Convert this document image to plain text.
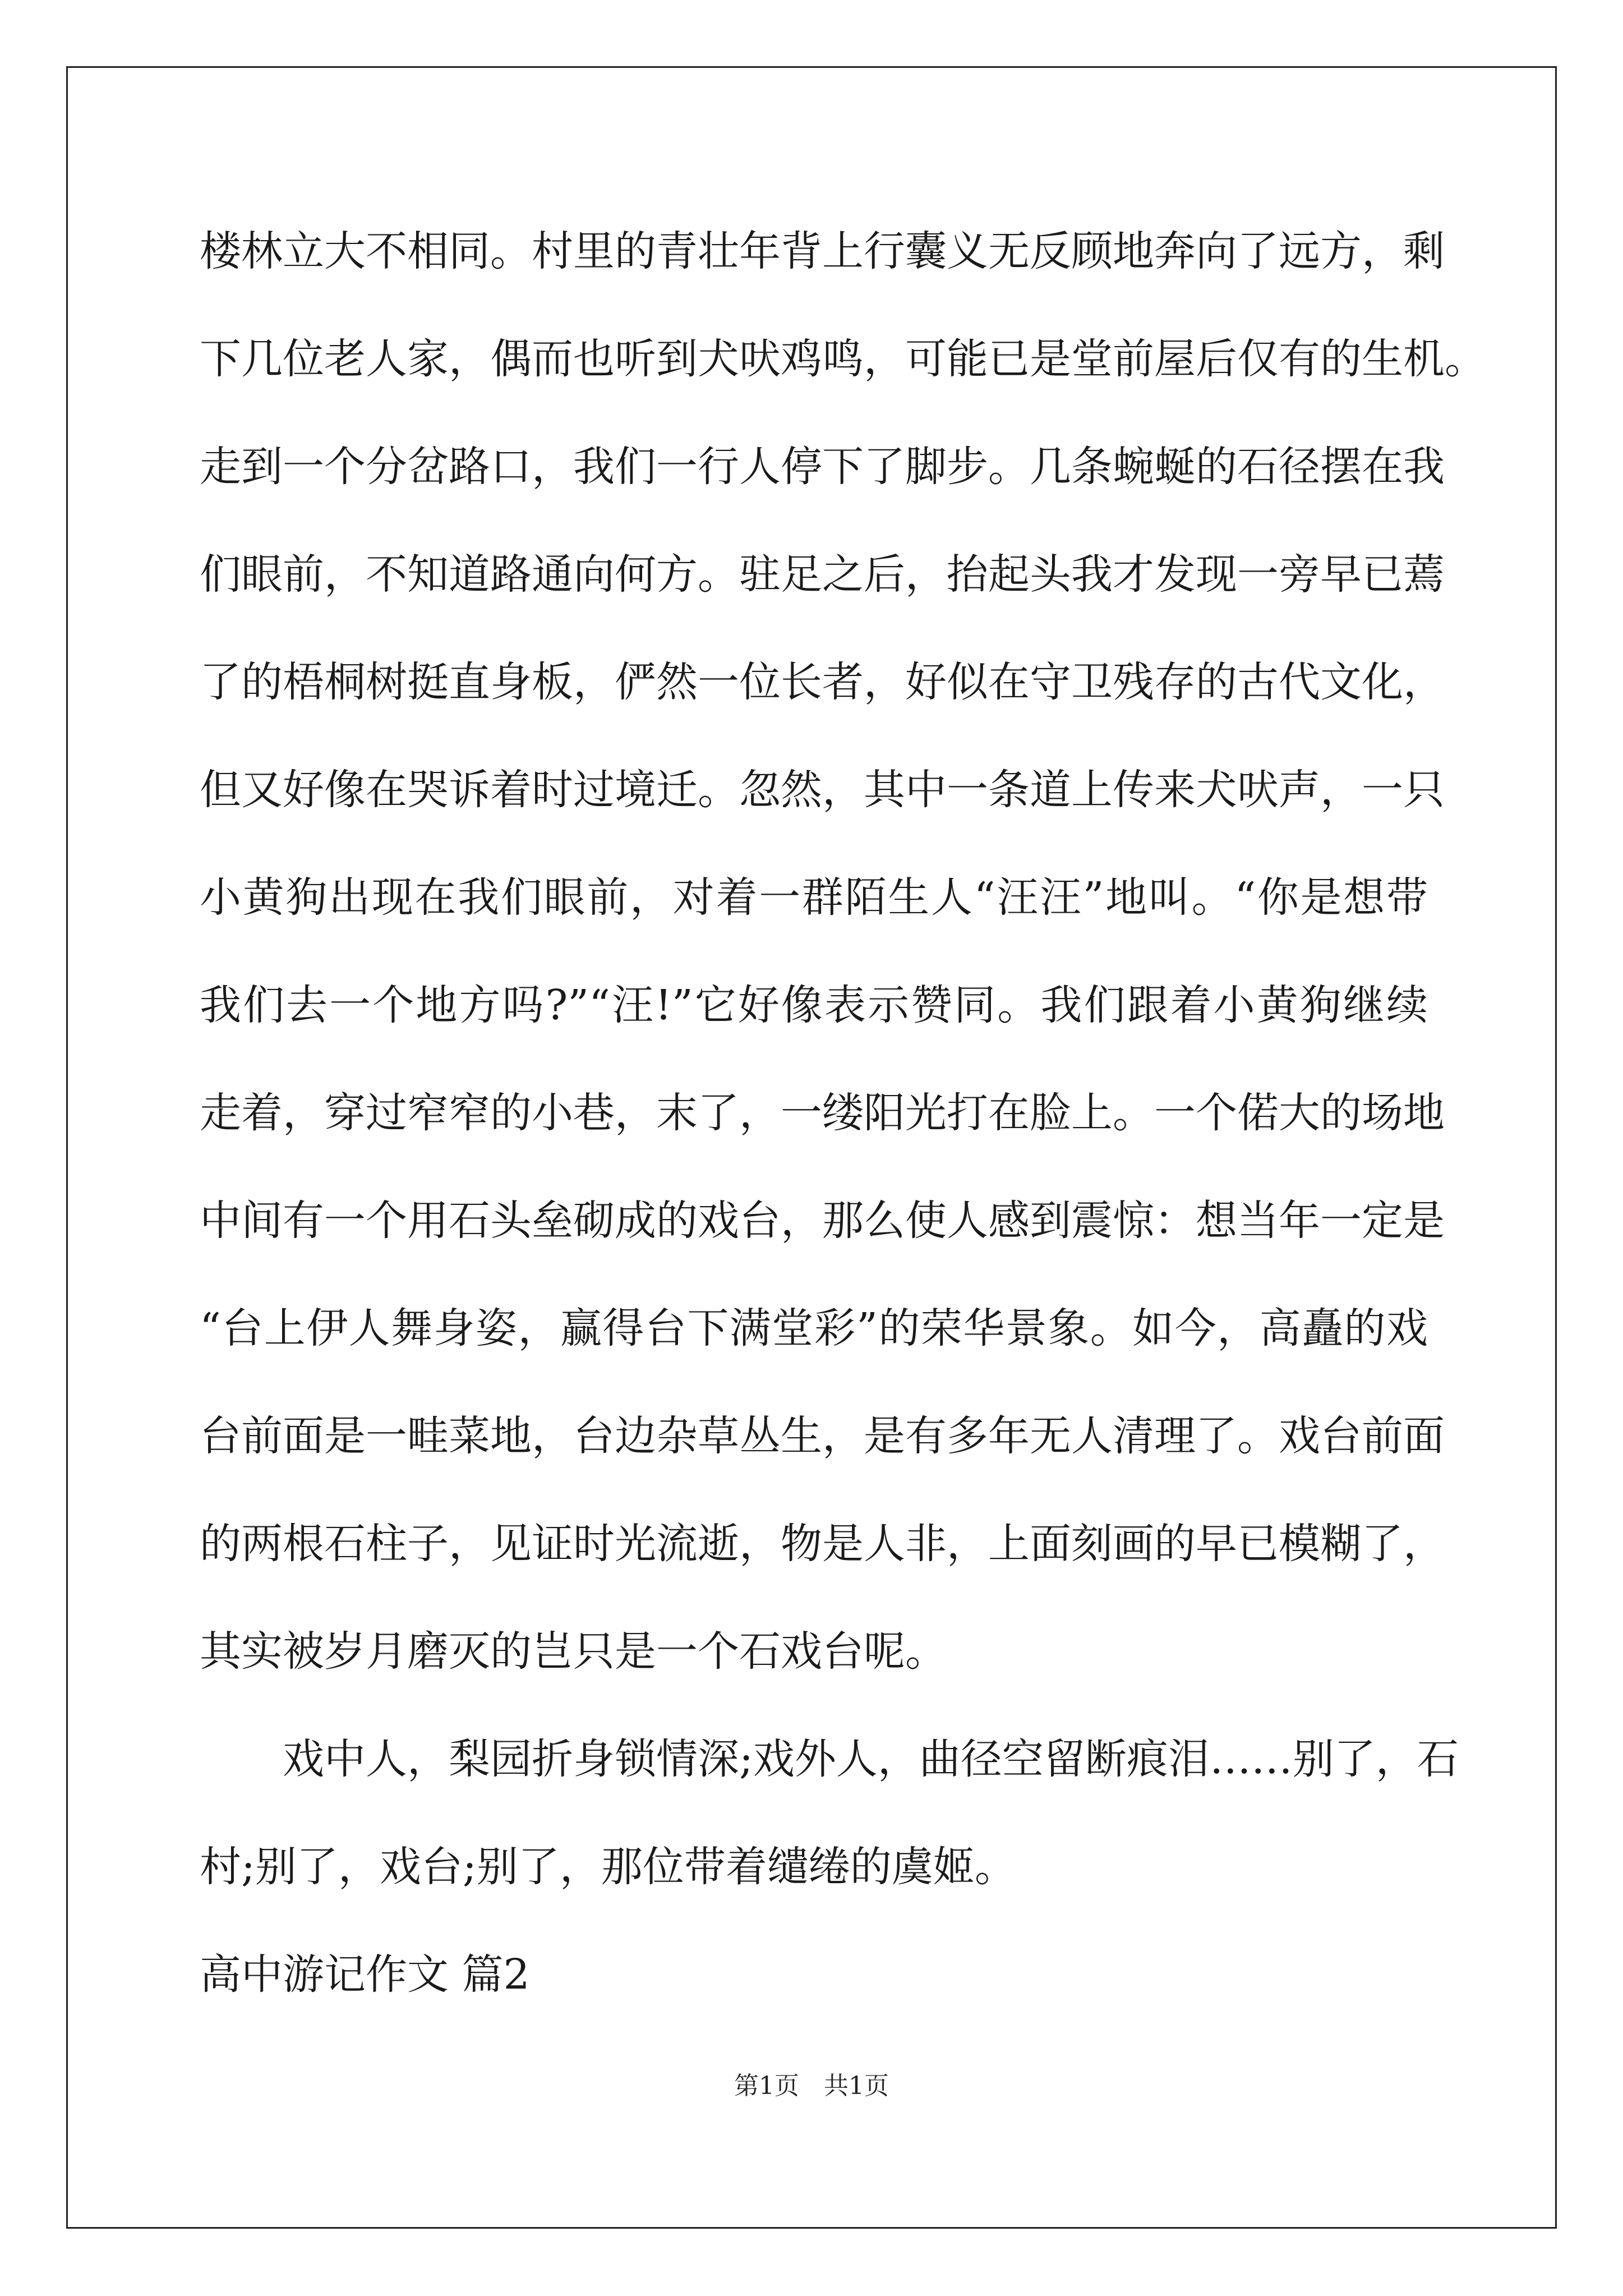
楼林立大不相同。村里的青壮年背上行囊义无反顾地奔向了远方，剩
下几位老人家，偶而也听到犬吠鸡鸣，可能已是堂前屋后仅有的生机。
走到一个分岔路口，我们一行人停下了脚步。几条蜿蜒的石径摆在我
们眼前，不知道路通向何方。驻足之后，抬起头我才发现一旁早已蔫
了的梧桐树挺直身板，俨然一位长者，好似在守卫残存的古代文化，
但又好像在哭诉着时过境迁。忽然，其中一条道上传来犬吠声，一只
小黄狗出现在我们眼前，对着一群陌生人“汪汪”地叫。“你是想带
我们去一个地方吗?”“汪!”它好像表示赞同。我们跟着小黄狗继续
走着，穿过窄窄的小巷，末了，一缕阳光打在脸上。一个偌大的场地
中间有一个用石头垒砌成的戏台，那么使人感到震惊：想当年一定是
“台上伊人舞身姿，赢得台下满堂彩”的荣华景象。如今，高矗的戏
台前面是一畦菜地，台边杂草丛生，是有多年无人清理了。戏台前面
的两根石柱子，见证时光流逝，物是人非，上面刻画的早已模糊了，
其实被岁月磨灭的岂只是一个石戏台呢。
戏中人，梨园折身锁情深;戏外人，曲径空留断痕泪……别了，石
村;别了，戏台;别了，那位带着缱绻的虞姬。
高中游记作文 篇2
第1页　共1页
